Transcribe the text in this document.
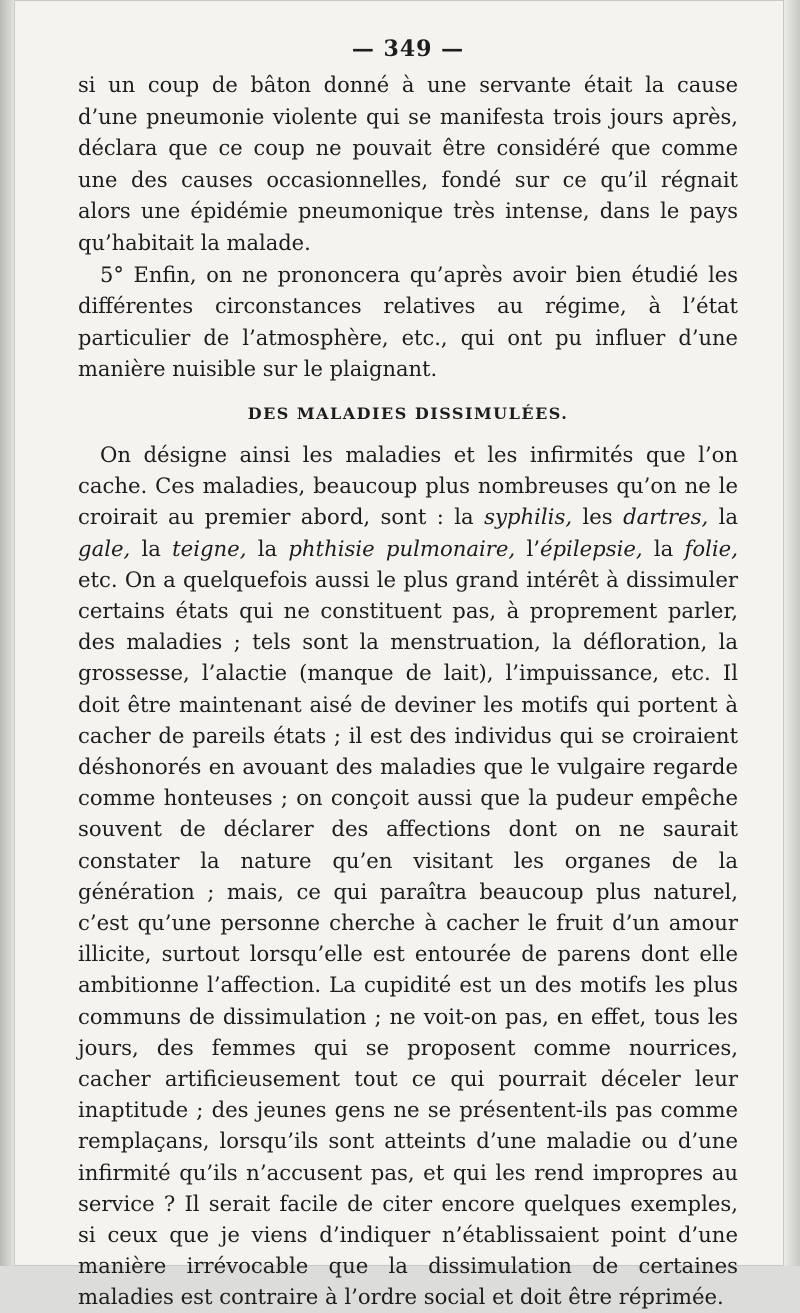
— 349 —

si un coup de bâton donné à une servante était la cause d’une pneumonie violente qui se manifesta trois jours après, déclara que ce coup ne pouvait être considéré que comme une des causes occasionnelles, fondé sur ce qu’il régnait alors une épidémie pneumonique très intense, dans le pays qu’habitait la malade.

5° Enfin, on ne prononcera qu’après avoir bien étudié les différentes circonstances relatives au régime, à l’état particulier de l’atmosphère, etc., qui ont pu influer d’une manière nuisible sur le plaignant.

DES MALADIES DISSIMULÉES.

On désigne ainsi les maladies et les infirmités que l’on cache. Ces maladies, beaucoup plus nombreuses qu’on ne le croirait au premier abord, sont : la syphilis, les dartres, la gale, la teigne, la phthisie pulmonaire, l’épilepsie, la folie, etc. On a quelquefois aussi le plus grand intérêt à dissimuler certains états qui ne constituent pas, à proprement parler, des maladies ; tels sont la menstruation, la défloration, la grossesse, l’alactie (manque de lait), l’impuissance, etc. Il doit être maintenant aisé de deviner les motifs qui portent à cacher de pareils états ; il est des individus qui se croiraient déshonorés en avouant des maladies que le vulgaire regarde comme honteuses ; on conçoit aussi que la pudeur empêche souvent de déclarer des affections dont on ne saurait constater la nature qu’en visitant les organes de la génération ; mais, ce qui paraîtra beaucoup plus naturel, c’est qu’une personne cherche à cacher le fruit d’un amour illicite, surtout lorsqu’elle est entourée de parens dont elle ambitionne l’affection. La cupidité est un des motifs les plus communs de dissimulation ; ne voit-on pas, en effet, tous les jours, des femmes qui se proposent comme nourrices, cacher artificieusement tout ce qui pourrait déceler leur inaptitude ; des jeunes gens ne se présentent-ils pas comme remplaçans, lorsqu’ils sont atteints d’une maladie ou d’une infirmité qu’ils n’accusent pas, et qui les rend impropres au service ? Il serait facile de citer encore quelques exemples, si ceux que je viens d’indiquer n’établissaient point d’une manière irrévocable que la dissimulation de certaines maladies est contraire à l’ordre social et doit être réprimée.
